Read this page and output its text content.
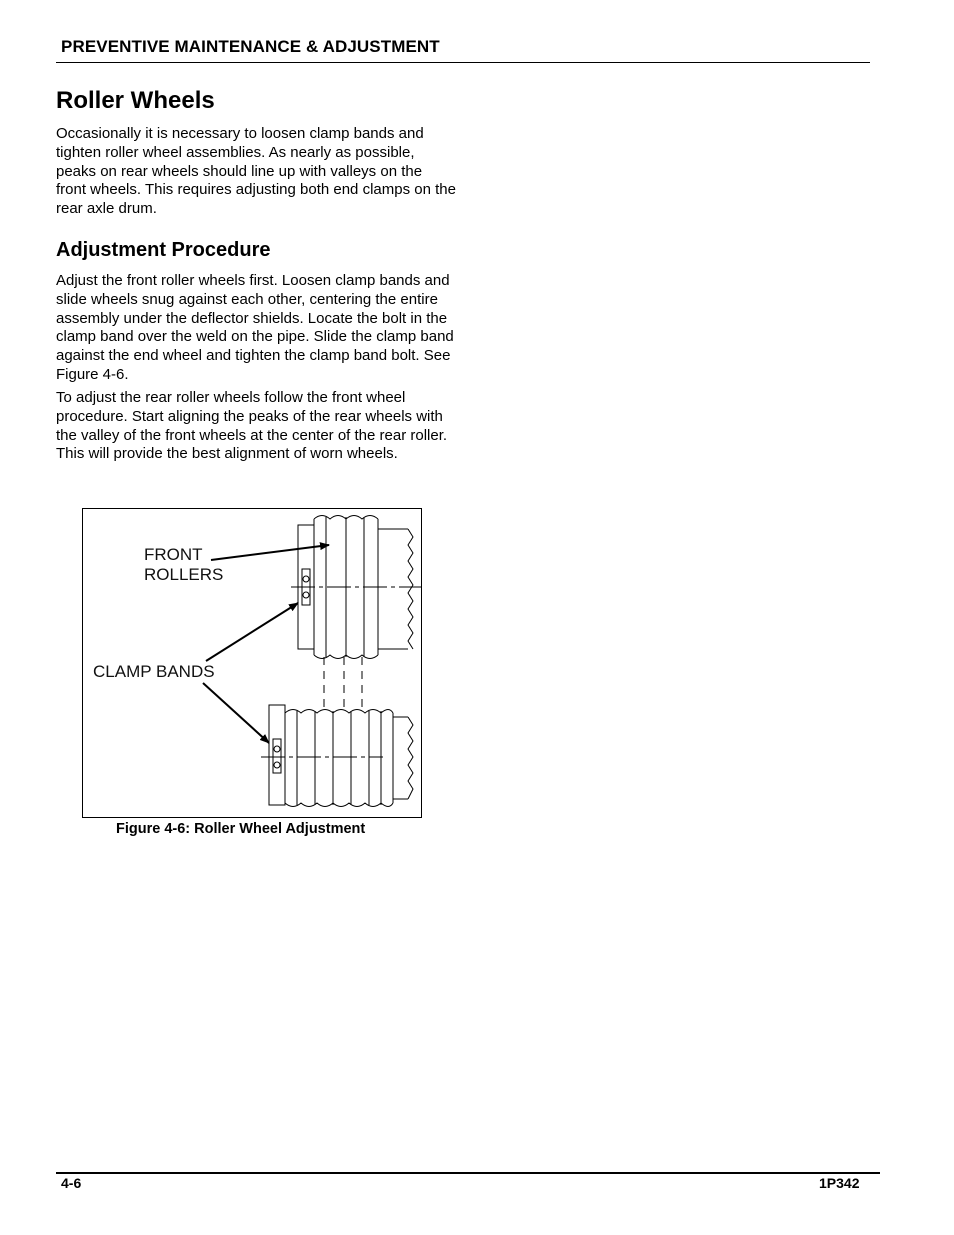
PREVENTIVE MAINTENANCE & ADJUSTMENT
Roller Wheels
Occasionally it is necessary to loosen clamp bands and tighten roller wheel assemblies. As nearly as possible, peaks on rear wheels should line up with valleys on the front wheels. This requires adjusting both end clamps on the rear axle drum.
Adjustment Procedure
Adjust the front roller wheels first. Loosen clamp bands and slide wheels snug against each other, centering the entire assembly under the deflector shields. Locate the bolt in the clamp band over the weld on the pipe. Slide the clamp band against the end wheel and tighten the clamp band bolt. See Figure 4-6.
To adjust the rear roller wheels follow the front wheel procedure. Start aligning the peaks of the rear wheels with the valley of the front wheels at the center of the rear roller. This will provide the best alignment of worn wheels.
FRONT
ROLLERS
CLAMP BANDS
Figure 4-6: Roller Wheel Adjustment
4-6	1P342
